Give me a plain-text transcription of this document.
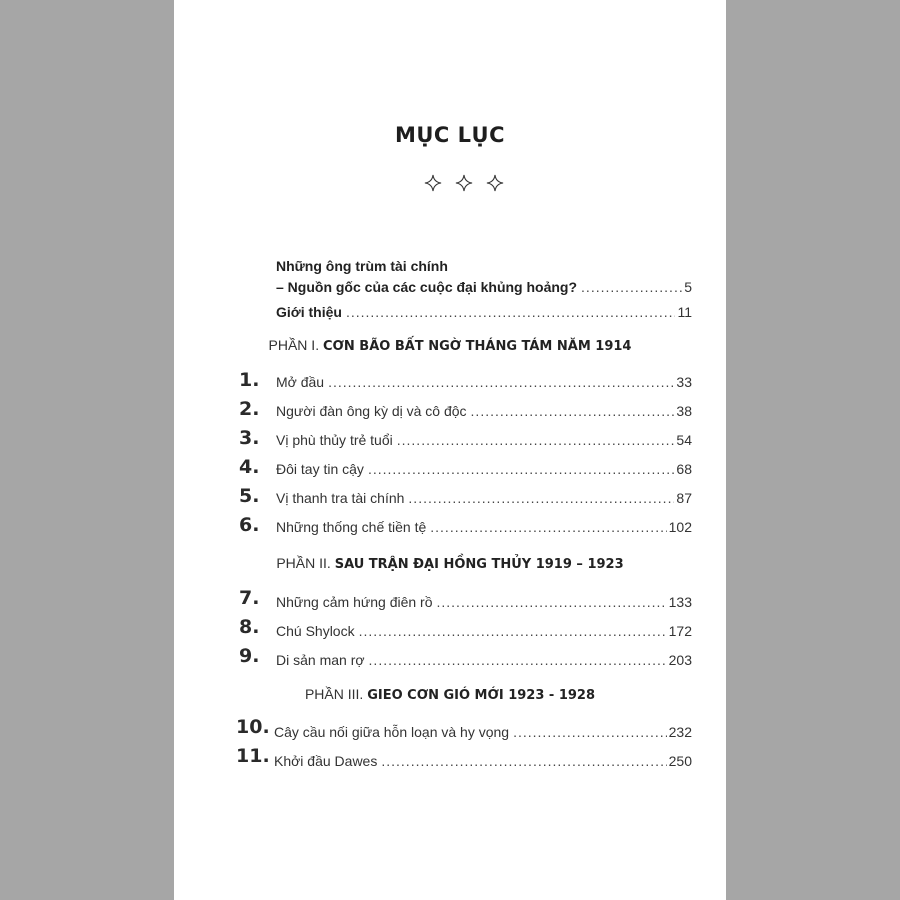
MỤC LỤC
Những ông trùm tài chính
– Nguồn gốc của các cuộc đại khủng hoảng? .....	5
Giới thiệu .....	11
PHẦN I. CƠN BÃO BẤT NGỜ THÁNG TÁM NĂM 1914
1. Mở đầu .....	33
2. Người đàn ông kỳ dị và cô độc .....	38
3. Vị phù thủy trẻ tuổi .....	54
4. Đôi tay tin cậy .....	68
5. Vị thanh tra tài chính .....	87
6. Những thống chế tiền tệ .....	102
PHẦN II. SAU TRẬN ĐẠI HỒNG THỦY 1919 – 1923
7. Những cảm hứng điên rồ .....	133
8. Chú Shylock .....	172
9. Di sản man rợ .....	203
PHẦN III. GIEO CƠN GIÓ MỚI 1923 - 1928
10. Cây cầu nối giữa hỗn loạn và hy vọng .....	232
11. Khởi đầu Dawes .....	250
